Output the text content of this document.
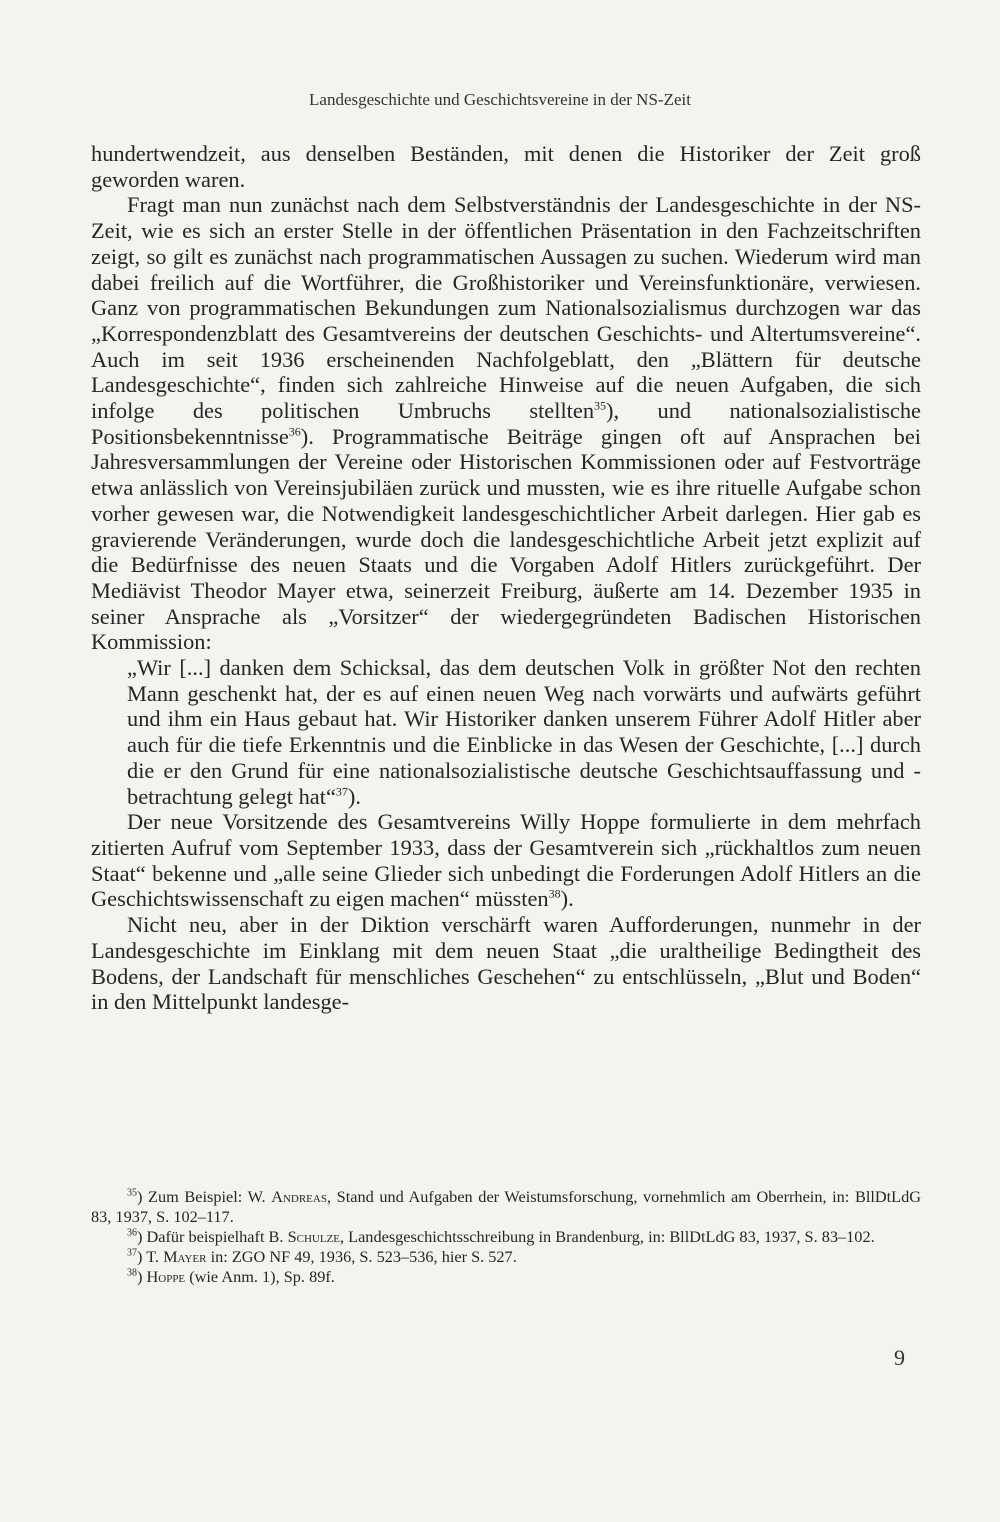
Landesgeschichte und Geschichtsvereine in der NS-Zeit

hundertwendzeit, aus denselben Beständen, mit denen die Historiker der Zeit groß geworden waren.

Fragt man nun zunächst nach dem Selbstverständnis der Landesgeschichte in der NS-Zeit, wie es sich an erster Stelle in der öffentlichen Präsentation in den Fachzeitschriften zeigt, so gilt es zunächst nach programmatischen Aussagen zu suchen. Wiederum wird man dabei freilich auf die Wortführer, die Großhistoriker und Vereinsfunktionäre, verwiesen. Ganz von programmatischen Bekundungen zum Nationalsozialismus durchzogen war das „Korrespondenzblatt des Gesamtvereins der deutschen Geschichts- und Altertumsvereine“. Auch im seit 1936 erscheinenden Nachfolgeblatt, den „Blättern für deutsche Landesgeschichte“, finden sich zahlreiche Hinweise auf die neuen Aufgaben, die sich infolge des politischen Umbruchs stellten$^{35}$), und nationalsozialistische Positionsbekenntnisse$^{36}$). Programmatische Beiträge gingen oft auf Ansprachen bei Jahresversammlungen der Vereine oder Historischen Kommissionen oder auf Festvorträge etwa anlässlich von Vereinsjubiläen zurück und mussten, wie es ihre rituelle Aufgabe schon vorher gewesen war, die Notwendigkeit landesgeschichtlicher Arbeit darlegen. Hier gab es gravierende Veränderungen, wurde doch die landesgeschichtliche Arbeit jetzt explizit auf die Bedürfnisse des neuen Staats und die Vorgaben Adolf Hitlers zurückgeführt. Der Mediävist Theodor Mayer etwa, seinerzeit Freiburg, äußerte am 14. Dezember 1935 in seiner Ansprache als „Vorsitzer“ der wiedergegründeten Badischen Historischen Kommission:

„Wir [...] danken dem Schicksal, das dem deutschen Volk in größter Not den rechten Mann geschenkt hat, der es auf einen neuen Weg nach vorwärts und aufwärts geführt und ihm ein Haus gebaut hat. Wir Historiker danken unserem Führer Adolf Hitler aber auch für die tiefe Erkenntnis und die Einblicke in das Wesen der Geschichte, [...] durch die er den Grund für eine nationalsozialistische deutsche Geschichtsauffassung und -betrachtung gelegt hat“$^{37}$).

Der neue Vorsitzende des Gesamtvereins Willy Hoppe formulierte in dem mehrfach zitierten Aufruf vom September 1933, dass der Gesamtverein sich „rückhaltlos zum neuen Staat“ bekenne und „alle seine Glieder sich unbedingt die Forderungen Adolf Hitlers an die Geschichtswissenschaft zu eigen machen“ müssten$^{38}$).

Nicht neu, aber in der Diktion verschärft waren Aufforderungen, nunmehr in der Landesgeschichte im Einklang mit dem neuen Staat „die uraltheilige Bedingtheit des Bodens, der Landschaft für menschliches Geschehen“ zu entschlüsseln, „Blut und Boden“ in den Mittelpunkt landesge-

$^{35}$) Zum Beispiel: W. Andreas, Stand und Aufgaben der Weistumsforschung, vornehmlich am Oberrhein, in: BllDtLdG 83, 1937, S. 102–117.

$^{36}$) Dafür beispielhaft B. Schulze, Landesgeschichtsschreibung in Brandenburg, in: BllDtLdG 83, 1937, S. 83–102.

$^{37}$) T. Mayer in: ZGO NF 49, 1936, S. 523–536, hier S. 527.

$^{38}$) Hoppe (wie Anm. 1), Sp. 89f.

9
